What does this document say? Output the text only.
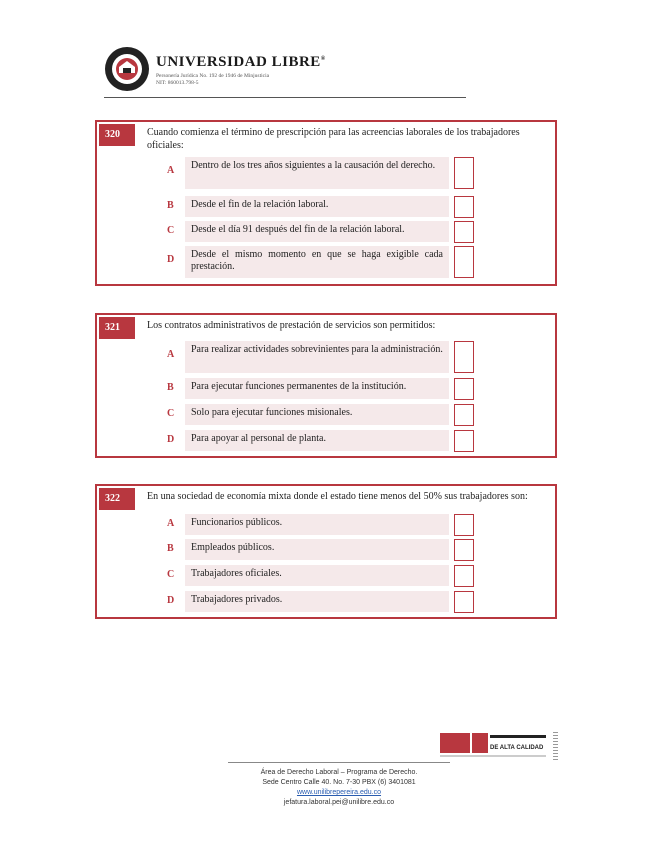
UNIVERSIDAD LIBRE®
Personería Jurídica No. 192 de 1946 de Minjusticia
NIT: 860013.798-5
320	Cuando comienza el término de prescripción para las acreencias laborales de los trabajadores oficiales:
A	Dentro de los tres años siguientes a la causación del derecho.
B	Desde el fin de la relación laboral.
C	Desde el día 91 después del fin de la relación laboral.
D	Desde el mismo momento en que se haga exigible cada prestación.
321	Los contratos administrativos de prestación de servicios son permitidos:
A	Para realizar actividades sobrevinientes para la administración.
B	Para ejecutar funciones permanentes de la institución.
C	Solo para ejecutar funciones misionales.
D	Para apoyar al personal de planta.
322	En una sociedad de economía mixta donde el estado tiene menos del 50% sus trabajadores son:
A	Funcionarios públicos.
B	Empleados públicos.
C	Trabajadores oficiales.
D	Trabajadores privados.
DE ALTA CALIDAD
Área de Derecho Laboral – Programa de Derecho.
Sede Centro Calle 40. No. 7-30 PBX (6) 3401081
www.unilibrepereira.edu.co
jefatura.laboral.pei@unilibre.edu.co
